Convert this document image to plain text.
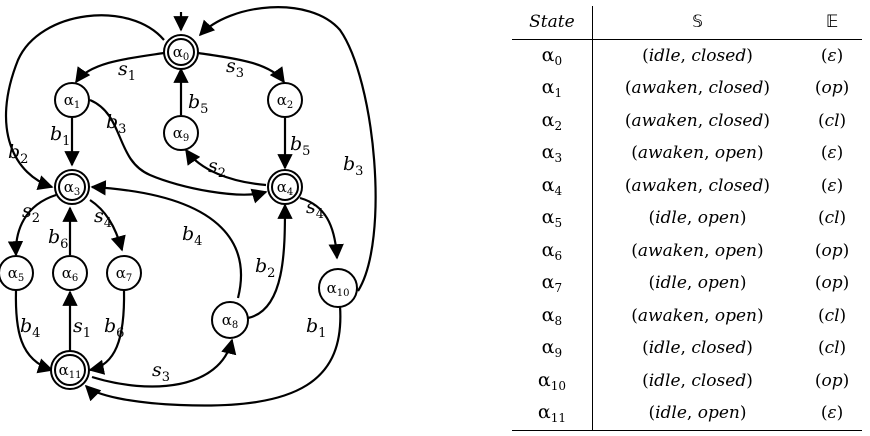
$\alpha_0$
$\alpha_1$	$\alpha_2$
$\alpha_3$	$\alpha_4$
$\alpha_5$ $\alpha_6$ $\alpha_7$
$\alpha_8$
$\alpha_9$
$\alpha_{10}$
$\alpha_{11}$
$s_1$	$s_3$
$b_5$
$b_1$
$b_3$
$b_5$
$s_2$
$s_4$
$s_2$	$s_4$
$b_6$	$b_4$
$b_2$
$b_4$ $s_1$ $b_6$
$s_3$
$b_1$
$b_3$
$b_2$
State	𝕊	𝔼
$\alpha_0$	(idle, closed)	(ε)
$\alpha_1$	(awaken, closed)	(op)
$\alpha_2$	(awaken, closed)	(cl)
$\alpha_3$	(awaken, open)	(ε)
$\alpha_4$	(awaken, closed)	(ε)
$\alpha_5$	(idle, open)	(cl)
$\alpha_6$	(awaken, open)	(op)
$\alpha_7$	(idle, open)	(op)
$\alpha_8$	(awaken, open)	(cl)
$\alpha_9$	(idle, closed)	(cl)
$\alpha_{10}$	(idle, closed)	(op)
$\alpha_{11}$	(idle, open)	(ε)
